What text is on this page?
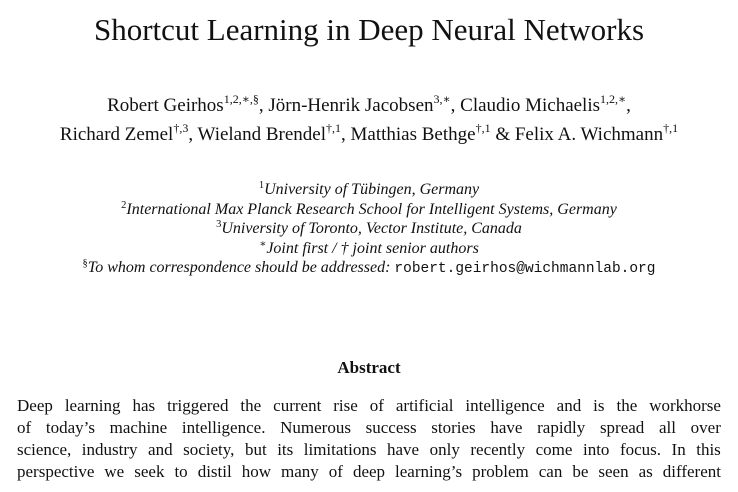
Shortcut Learning in Deep Neural Networks
Robert Geirhos$^{1,2,∗,\S}$, Jörn-Henrik Jacobsen$^{3,∗}$, Claudio Michaelis$^{1,2,∗}$,
Richard Zemel$^{\dagger,3}$, Wieland Brendel$^{\dagger,1}$, Matthias Bethge$^{\dagger,1}$ & Felix A. Wichmann$^{\dagger,1}$
$^1$University of Tübingen, Germany
$^2$International Max Planck Research School for Intelligent Systems, Germany
$^3$University of Toronto, Vector Institute, Canada
∗Joint first / † joint senior authors
§To whom correspondence should be addressed: robert.geirhos@wichmannlab.org
Abstract
Deep learning has triggered the current rise of artificial intelligence and is the workhorse
of today’s machine intelligence. Numerous success stories have rapidly spread all over
science, industry and society, but its limitations have only recently come into focus. In this
perspective we seek to distil how many of deep learning’s problem can be seen as different
